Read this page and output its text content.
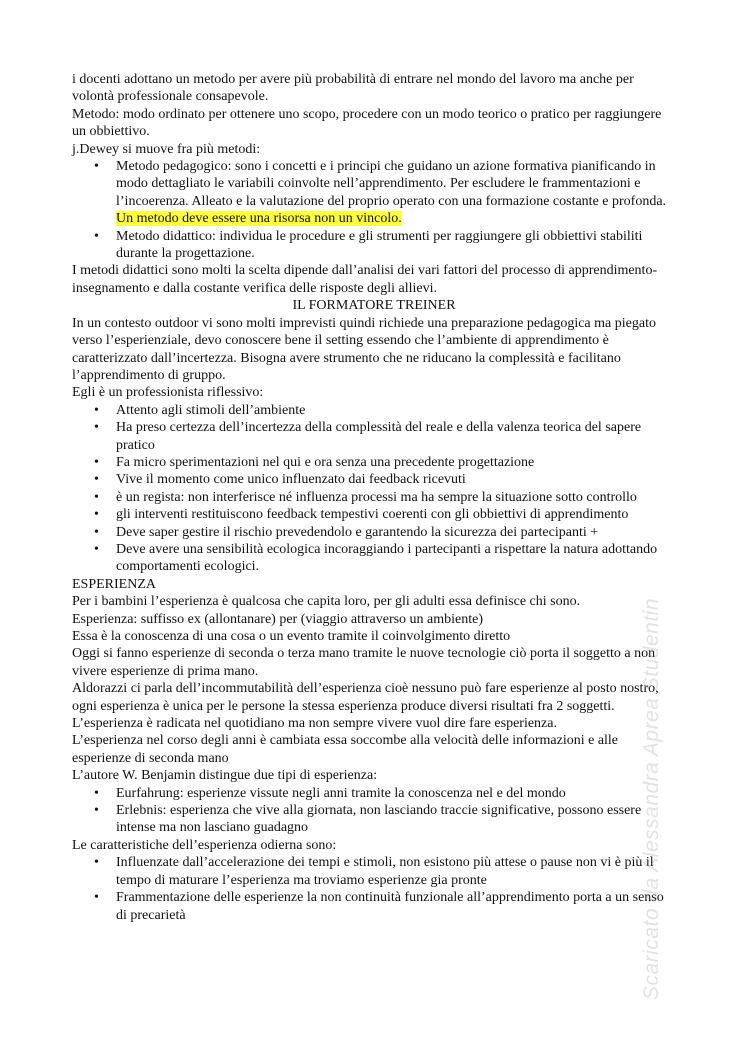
i docenti adottano un metodo per avere più probabilità di entrare nel mondo del lavoro ma anche per volontà professionale consapevole.

Metodo: modo ordinato per ottenere uno scopo, procedere con un modo teorico o pratico per raggiungere un obbiettivo.

j.Dewey si muove fra più metodi:

• Metodo pedagogico: sono i concetti e i principi che guidano un azione formativa pianificando in modo dettagliato le variabili coinvolte nell’apprendimento. Per escludere le frammentazioni e l’incoerenza. Alleato e la valutazione del proprio operato con una formazione costante e profonda. Un metodo deve essere una risorsa non un vincolo.
• Metodo didattico: individua le procedure e gli strumenti per raggiungere gli obbiettivi stabiliti durante la progettazione.

I metodi didattici sono molti la scelta dipende dall’analisi dei vari fattori del processo di apprendimento-insegnamento e dalla costante verifica delle risposte degli allievi.

IL FORMATORE TREINER

In un contesto outdoor vi sono molti imprevisti quindi richiede una preparazione pedagogica ma piegato verso l’esperienziale, devo conoscere bene il setting essendo che l’ambiente di apprendimento è caratterizzato dall’incertezza. Bisogna avere strumento che ne riducano la complessità e facilitano l’apprendimento di gruppo.

Egli è un professionista riflessivo:

• Attento agli stimoli dell’ambiente
• Ha preso certezza dell’incertezza della complessità del reale e della valenza teorica del sapere pratico
• Fa micro sperimentazioni nel qui e ora senza una precedente progettazione
• Vive il momento come unico influenzato dai feedback ricevuti
• è un regista: non interferisce né influenza processi ma ha sempre la situazione sotto controllo
• gli interventi restituiscono feedback tempestivi coerenti con gli obbiettivi di apprendimento
• Deve saper gestire il rischio prevedendolo e garantendo la sicurezza dei partecipanti +
• Deve avere una sensibilità ecologica incoraggiando i partecipanti a rispettare la natura adottando comportamenti ecologici.

ESPERIENZA

Per i bambini l’esperienza è qualcosa che capita loro, per gli adulti essa definisce chi sono.

Esperienza: suffisso ex (allontanare) per (viaggio attraverso un ambiente)

Essa è la conoscenza di una cosa o un evento tramite il coinvolgimento diretto

Oggi si fanno esperienze di seconda o terza mano tramite le nuove tecnologie ciò porta il soggetto a non vivere esperienze di prima mano.

Aldorazzi ci parla dell’incommutabilità dell’esperienza cioè nessuno può fare esperienze al posto nostro, ogni esperienza è unica per le persone la stessa esperienza produce diversi risultati fra 2 soggetti. L’esperienza è radicata nel quotidiano ma non sempre vivere vuol dire fare esperienza.

L’esperienza nel corso degli anni è cambiata essa soccombe alla velocità delle informazioni e alle esperienze di seconda mano

L’autore W. Benjamin distingue due tipi di esperienza:

• Eurfahrung: esperienze vissute negli anni tramite la conoscenza nel e del mondo
• Erlebnis: esperienza che vive alla giornata, non lasciando traccie significative, possono essere intense ma non lasciano guadagno

Le caratteristiche dell’esperienza odierna sono:

• Influenzate dall’accelerazione dei tempi e stimoli, non esistono più attese o pause non vi è più il tempo di maturare l’esperienza ma troviamo esperienze gia pronte
• Frammentazione delle esperienze la non continuità funzionale all’apprendimento porta a un senso di precarietà	Scaricato da Alessandra Aprea Studentin
